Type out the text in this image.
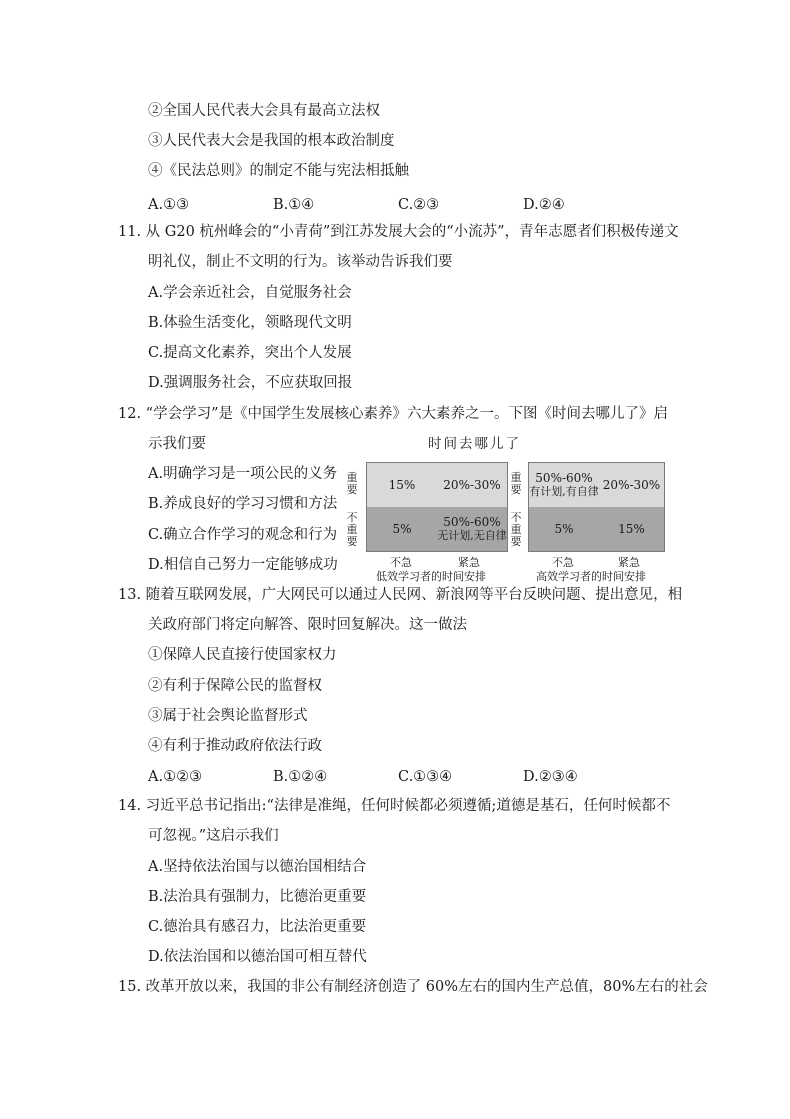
②全国人民代表大会具有最高立法权
③人民代表大会是我国的根本政治制度
④《民法总则》的制定不能与宪法相抵触
A.①③	B.①④	C.②③	D.②④
11. 从 G20 杭州峰会的“小青荷”到江苏发展大会的“小流苏”，青年志愿者们积极传递文
明礼仪，制止不文明的行为。该举动告诉我们要
A.学会亲近社会，自觉服务社会
B.体验生活变化，领略现代文明
C.提高文化素养，突出个人发展
D.强调服务社会，不应获取回报
12. “学会学习”是《中国学生发展核心素养》六大素养之一。下图《时间去哪儿了》启
示我们要
A.明确学习是一项公民的义务
B.养成良好的学习习惯和方法
C.确立合作学习的观念和行为
D.相信自己努力一定能够成功
时间去哪儿了
重要
不重要
15% 20%-30%
5%	50%-60%
无计划,无自律
不急	紧急
低效学习者的时间安排
重要
不重要
50%-60%
有计划,有自律 20%-30%
5%	15%
不急	紧急
高效学习者的时间安排
13. 随着互联网发展，广大网民可以通过人民网、新浪网等平台反映问题、提出意见，相
关政府部门将定向解答、限时回复解决。这一做法
①保障人民直接行使国家权力
②有利于保障公民的监督权
③属于社会舆论监督形式
④有利于推动政府依法行政
A.①②③	B.①②④	C.①③④	D.②③④
14. 习近平总书记指出:“法律是准绳，任何时候都必须遵循;道德是基石，任何时候都不
可忽视。”这启示我们
A.坚持依法治国与以德治国相结合
B.法治具有强制力，比德治更重要
C.德治具有感召力，比法治更重要
D.依法治国和以德治国可相互替代
15. 改革开放以来，我国的非公有制经济创造了 60%左右的国内生产总值，80%左右的社会
